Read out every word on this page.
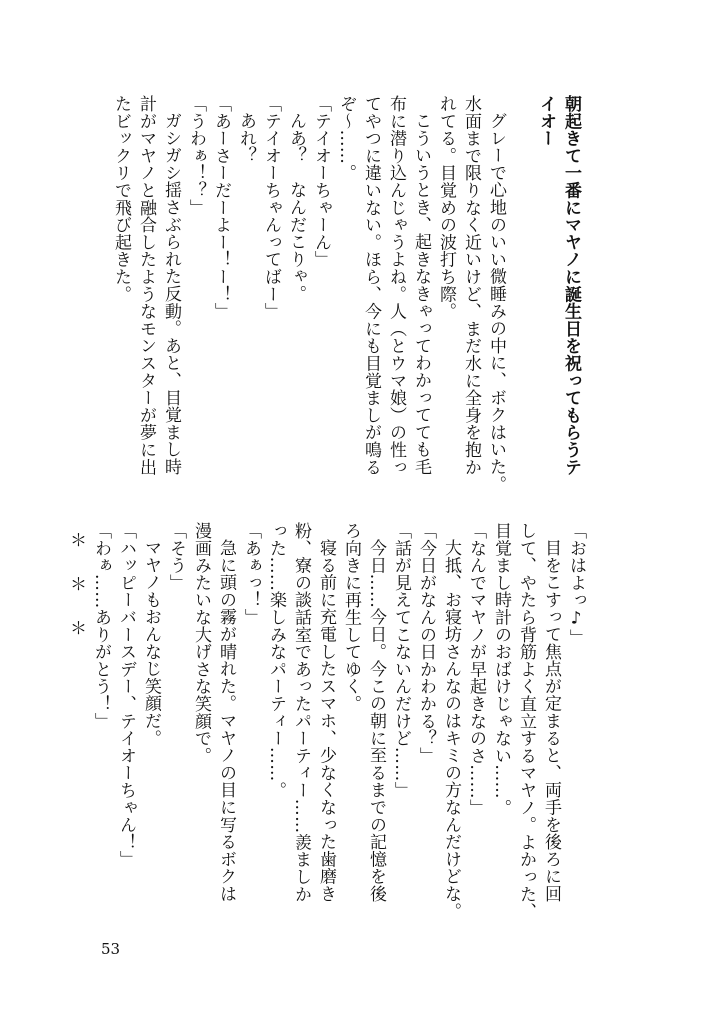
朝起きて一番にマヤノに誕生日を祝ってもらうテ
イオー
グレーで心地のいい微睡みの中に、ボクはいた。
水面まで限りなく近いけど、まだ水に全身を抱か
れてる。目覚めの波打ち際。
こういうとき、起きなきゃってわかってても毛
布に潜り込んじゃうよね。人（とウマ娘）の性っ
てやつに違いない。ほら、今にも目覚ましが鳴る
ぞ～……。
「テイオーちゃーん」
んあ？　なんだこりゃ。
「テイオーちゃんってばー」
あれ？
「あーさーだーよー！ー！」
「うわぁ！？」
ガシガシ揺さぶられた反動。あと、目覚まし時
計がマヤノと融合したようなモンスターが夢に出
たビックリで飛び起きた。
「おはよっ♪」
目をこすって焦点が定まると、両手を後ろに回
して、やたら背筋よく直立するマヤノ。よかった、
目覚まし時計のおばけじゃない……。
「なんでマヤノが早起きなのさ……」
大抵、お寝坊さんなのはキミの方なんだけどな。
「今日がなんの日かわかる？」
「話が見えてこないんだけど……」
今日……今日。今この朝に至るまでの記憶を後
ろ向きに再生してゆく。
寝る前に充電したスマホ、少なくなった歯磨き
粉、寮の談話室であったパーティー……羨ましか
った……楽しみなパーティー……。
「あぁっ！」
急に頭の霧が晴れた。マヤノの目に写るボクは
漫画みたいな大げさな笑顔で。
「そう」
マヤノもおんなじ笑顔だ。
「ハッピーバースデー、テイオーちゃん！」
「わぁ……ありがとう！」
＊＊＊
53
